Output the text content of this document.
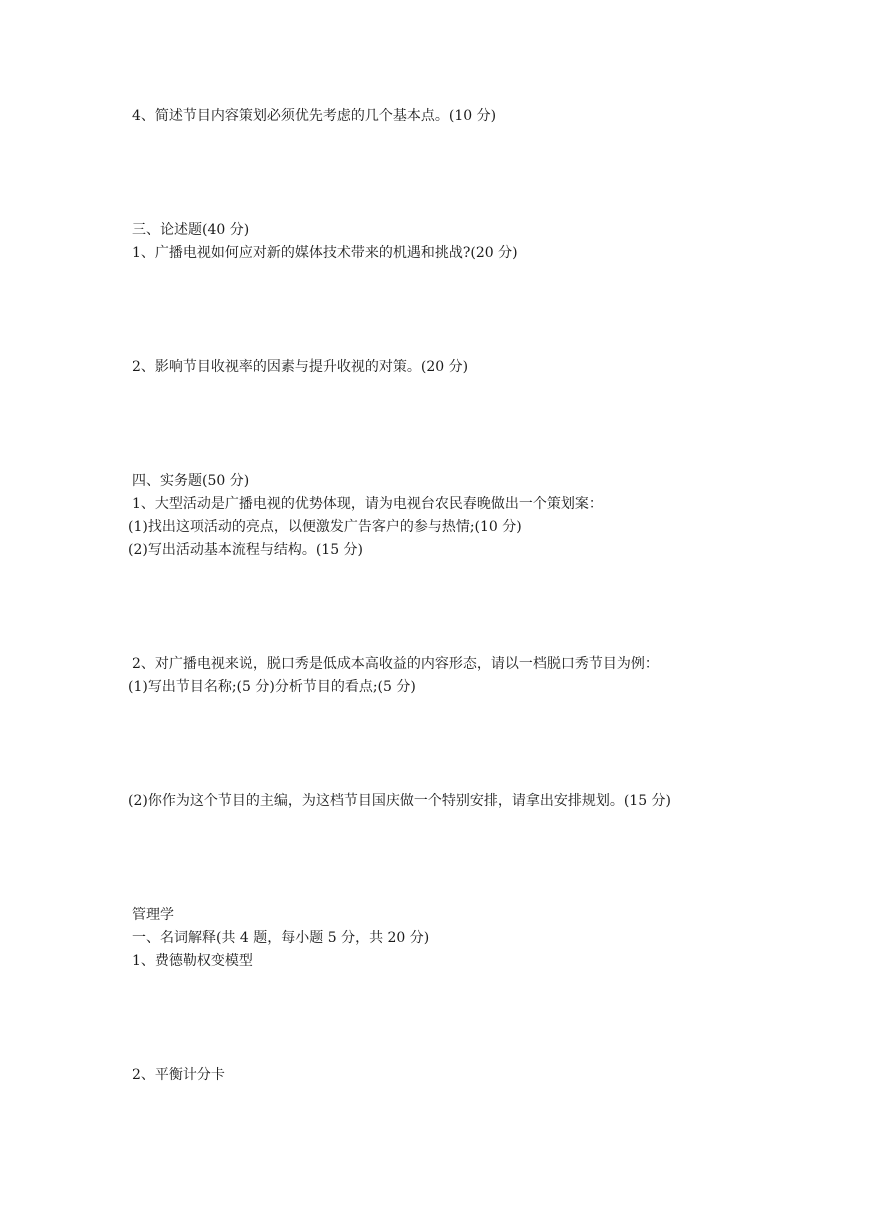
4、简述节目内容策划必须优先考虑的几个基本点。(10 分)
三、论述题(40 分)
1、广播电视如何应对新的媒体技术带来的机遇和挑战?(20 分)
2、影响节目收视率的因素与提升收视的对策。(20 分)
四、实务题(50 分)
1、大型活动是广播电视的优势体现，请为电视台农民春晚做出一个策划案：
(1)找出这项活动的亮点，以便激发广告客户的参与热情;(10 分)
(2)写出活动基本流程与结构。(15 分)
2、对广播电视来说，脱口秀是低成本高收益的内容形态，请以一档脱口秀节目为例：
(1)写出节目名称;(5 分)分析节目的看点;(5 分)
(2)你作为这个节目的主编，为这档节目国庆做一个特别安排，请拿出安排规划。(15 分)
管理学
一、名词解释(共 4 题，每小题 5 分，共 20 分)
1、费德勒权变模型
2、平衡计分卡
